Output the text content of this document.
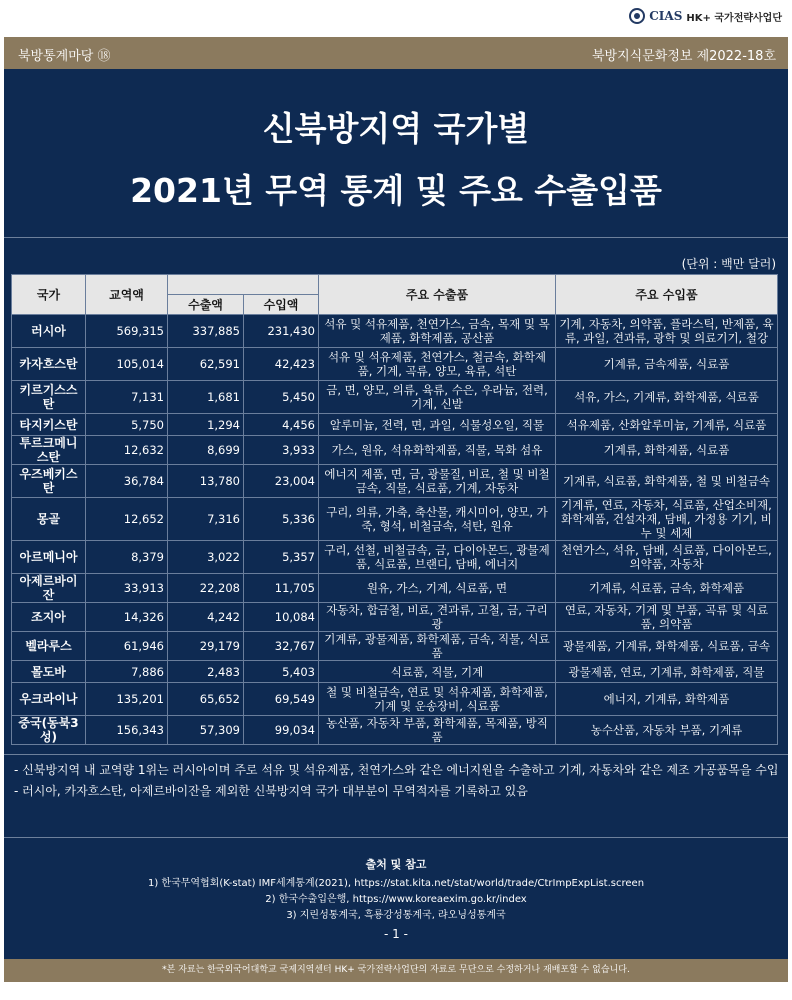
CIAS HK+ 국가전략사업단
북방통계마당 ⑱	북방지식문화정보 제2022-18호
신북방지역 국가별
2021년 무역 통계 및 주요 수출입품
(단위 : 백만 달러)
국가	교역액			주요 수출품	주요 수입품
		수출액	수입액		
러시아	569,315	337,885	231,430	석유 및 석유제품, 천연가스, 금속, 목재 및 목제품, 화학제품, 공산품	기계, 자동차, 의약품, 플라스틱, 반제품, 육류, 과일, 견과류, 광학 및 의료기기, 철강
카자흐스탄	105,014	62,591	42,423	석유 및 석유제품, 천연가스, 철금속, 화학제품, 기계, 곡류, 양모, 육류, 석탄	기계류, 금속제품, 식료품
키르기스스탄	7,131	1,681	5,450	금, 면, 양모, 의류, 육류, 수은, 우라늄, 전력, 기계, 신발	석유, 가스, 기계류, 화학제품, 식료품
타지키스탄	5,750	1,294	4,456	알루미늄, 전력, 면, 과일, 식물성오일, 직물	석유제품, 산화알루미늄, 기계류, 식료품
투르크메니스탄	12,632	8,699	3,933	가스, 원유, 석유화학제품, 직물, 목화 섬유	기계류, 화학제품, 식료품
우즈베키스탄	36,784	13,780	23,004	에너지 제품, 면, 금, 광물질, 비료, 철 및 비철금속, 직물, 식료품, 기계, 자동차	기계류, 식료품, 화학제품, 철 및 비철금속
몽골	12,652	7,316	5,336	구리, 의류, 가축, 축산물, 캐시미어, 양모, 가죽, 형석, 비철금속, 석탄, 원유	기계류, 연료, 자동차, 식료품, 산업소비재, 화학제품, 건설자재, 담배, 가정용 기기, 비누 및 세제
아르메니아	8,379	3,022	5,357	구리, 선철, 비철금속, 금, 다이아몬드, 광물제품, 식료품, 브랜디, 담배, 에너지	천연가스, 석유, 담배, 식료품, 다이아몬드, 의약품, 자동차
아제르바이잔	33,913	22,208	11,705	원유, 가스, 기계, 식료품, 면	기계류, 식료품, 금속, 화학제품
조지아	14,326	4,242	10,084	자동차, 합금철, 비료, 견과류, 고철, 금, 구리광	연료, 자동차, 기계 및 부품, 곡류 및 식료품, 의약품
벨라루스	61,946	29,179	32,767	기계류, 광물제품, 화학제품, 금속, 직물, 식료품	광물제품, 기계류, 화학제품, 식료품, 금속
몰도바	7,886	2,483	5,403	식료품, 직물, 기계	광물제품, 연료, 기계류, 화학제품, 직물
우크라이나	135,201	65,652	69,549	철 및 비철금속, 연료 및 석유제품, 화학제품, 기계 및 운송장비, 식료품	에너지, 기계류, 화학제품
중국(동북3성)	156,343	57,309	99,034	농산품, 자동차 부품, 화학제품, 목제품, 방직품	농수산품, 자동차 부품, 기계류
- 신북방지역 내 교역량 1위는 러시아이며 주로 석유 및 석유제품, 천연가스와 같은 에너지원을 수출하고 기계, 자동차와 같은 제조 가공품목을 수입
- 러시아, 카자흐스탄, 아제르바이잔을 제외한 신북방지역 국가 대부분이 무역적자를 기록하고 있음
출처 및 참고
1) 한국무역협회(K-stat) IMF세계통계(2021), https://stat.kita.net/stat/world/trade/CtrImpExpList.screen
2) 한국수출입은행, https://www.koreaexim.go.kr/index
3) 지린성통계국, 흑룡강성통계국, 랴오닝성통계국
- 1 -
*본 자료는 한국외국어대학교 국제지역센터 HK+ 국가전략사업단의 자료로 무단으로 수정하거나 재배포할 수 없습니다.
